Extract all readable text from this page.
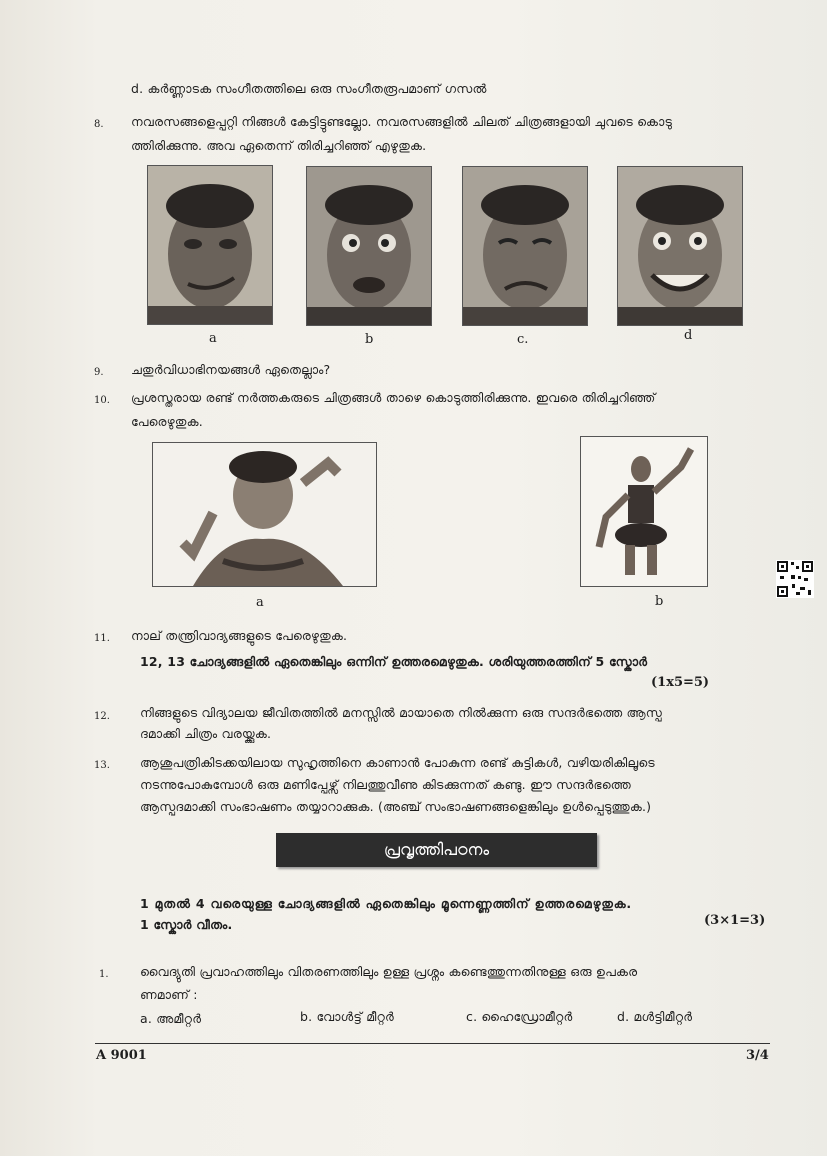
d. കർണ്ണാടക സംഗീതത്തിലെ ഒരു സംഗീതരൂപമാണ് ഗസൽ
8. നവരസങ്ങളെപ്പറ്റി നിങ്ങൾ കേട്ടിട്ടുണ്ടല്ലോ. നവരസങ്ങളിൽ ചിലത് ചിത്രങ്ങളായി ചുവടെ കൊടു
ത്തിരിക്കുന്നു. അവ ഏതെന്ന് തിരിച്ചറിഞ്ഞ് എഴുതുക.
a	b	c.	d
9. ചതുർവിധാഭിനയങ്ങൾ ഏതെല്ലാം?
10. പ്രശസ്തരായ രണ്ട് നർത്തകരുടെ ചിത്രങ്ങൾ താഴെ കൊടുത്തിരിക്കുന്നു. ഇവരെ തിരിച്ചറിഞ്ഞ്
പേരെഴുതുക.
a	b
11. നാല് തന്ത്രിവാദ്യങ്ങളുടെ പേരെഴുതുക.
12, 13 ചോദ്യങ്ങളിൽ ഏതെങ്കിലും ഒന്നിന് ഉത്തരമെഴുതുക. ശരിയുത്തരത്തിന് 5 സ്കോർ
(1x5=5)
12. നിങ്ങളുടെ വിദ്യാലയ ജീവിതത്തിൽ മനസ്സിൽ മായാതെ നിൽക്കുന്ന ഒരു സന്ദർഭത്തെ ആസ്പ
ദമാക്കി ചിത്രം വരയ്ക്കുക.
13. ആശുപത്രികിടക്കയിലായ സുഹൃത്തിനെ കാണാൻ പോകുന്ന രണ്ട് കുട്ടികൾ, വഴിയരികിലൂടെ
നടന്നുപോകുമ്പോൾ ഒരു മണിപ്പേഴ്സ് നിലത്തുവീണു കിടക്കുന്നത് കണ്ടു. ഈ സന്ദർഭത്തെ
ആസ്പദമാക്കി സംഭാഷണം തയ്യാറാക്കുക. (അഞ്ച് സംഭാഷണങ്ങളെങ്കിലും ഉൾപ്പെടുത്തുക.)
പ്രവൃത്തിപഠനം
1 മുതൽ 4 വരെയുള്ള ചോദ്യങ്ങളിൽ ഏതെങ്കിലും മൂന്നെണ്ണത്തിന് ഉത്തരമെഴുതുക.
1 സ്കോർ വീതം.	(3×1=3)
1.	വൈദ്യുതി പ്രവാഹത്തിലും വിതരണത്തിലും ഉള്ള പ്രശ്നം കണ്ടെത്തുന്നതിനുള്ള ഒരു ഉപകര
ണമാണ് :
a. അമീറ്റർ	b. വോൾട്ട് മീറ്റർ	c. ഹൈഡ്രോമീറ്റർ	d. മൾട്ടിമീറ്റർ
A 9001	3/4
